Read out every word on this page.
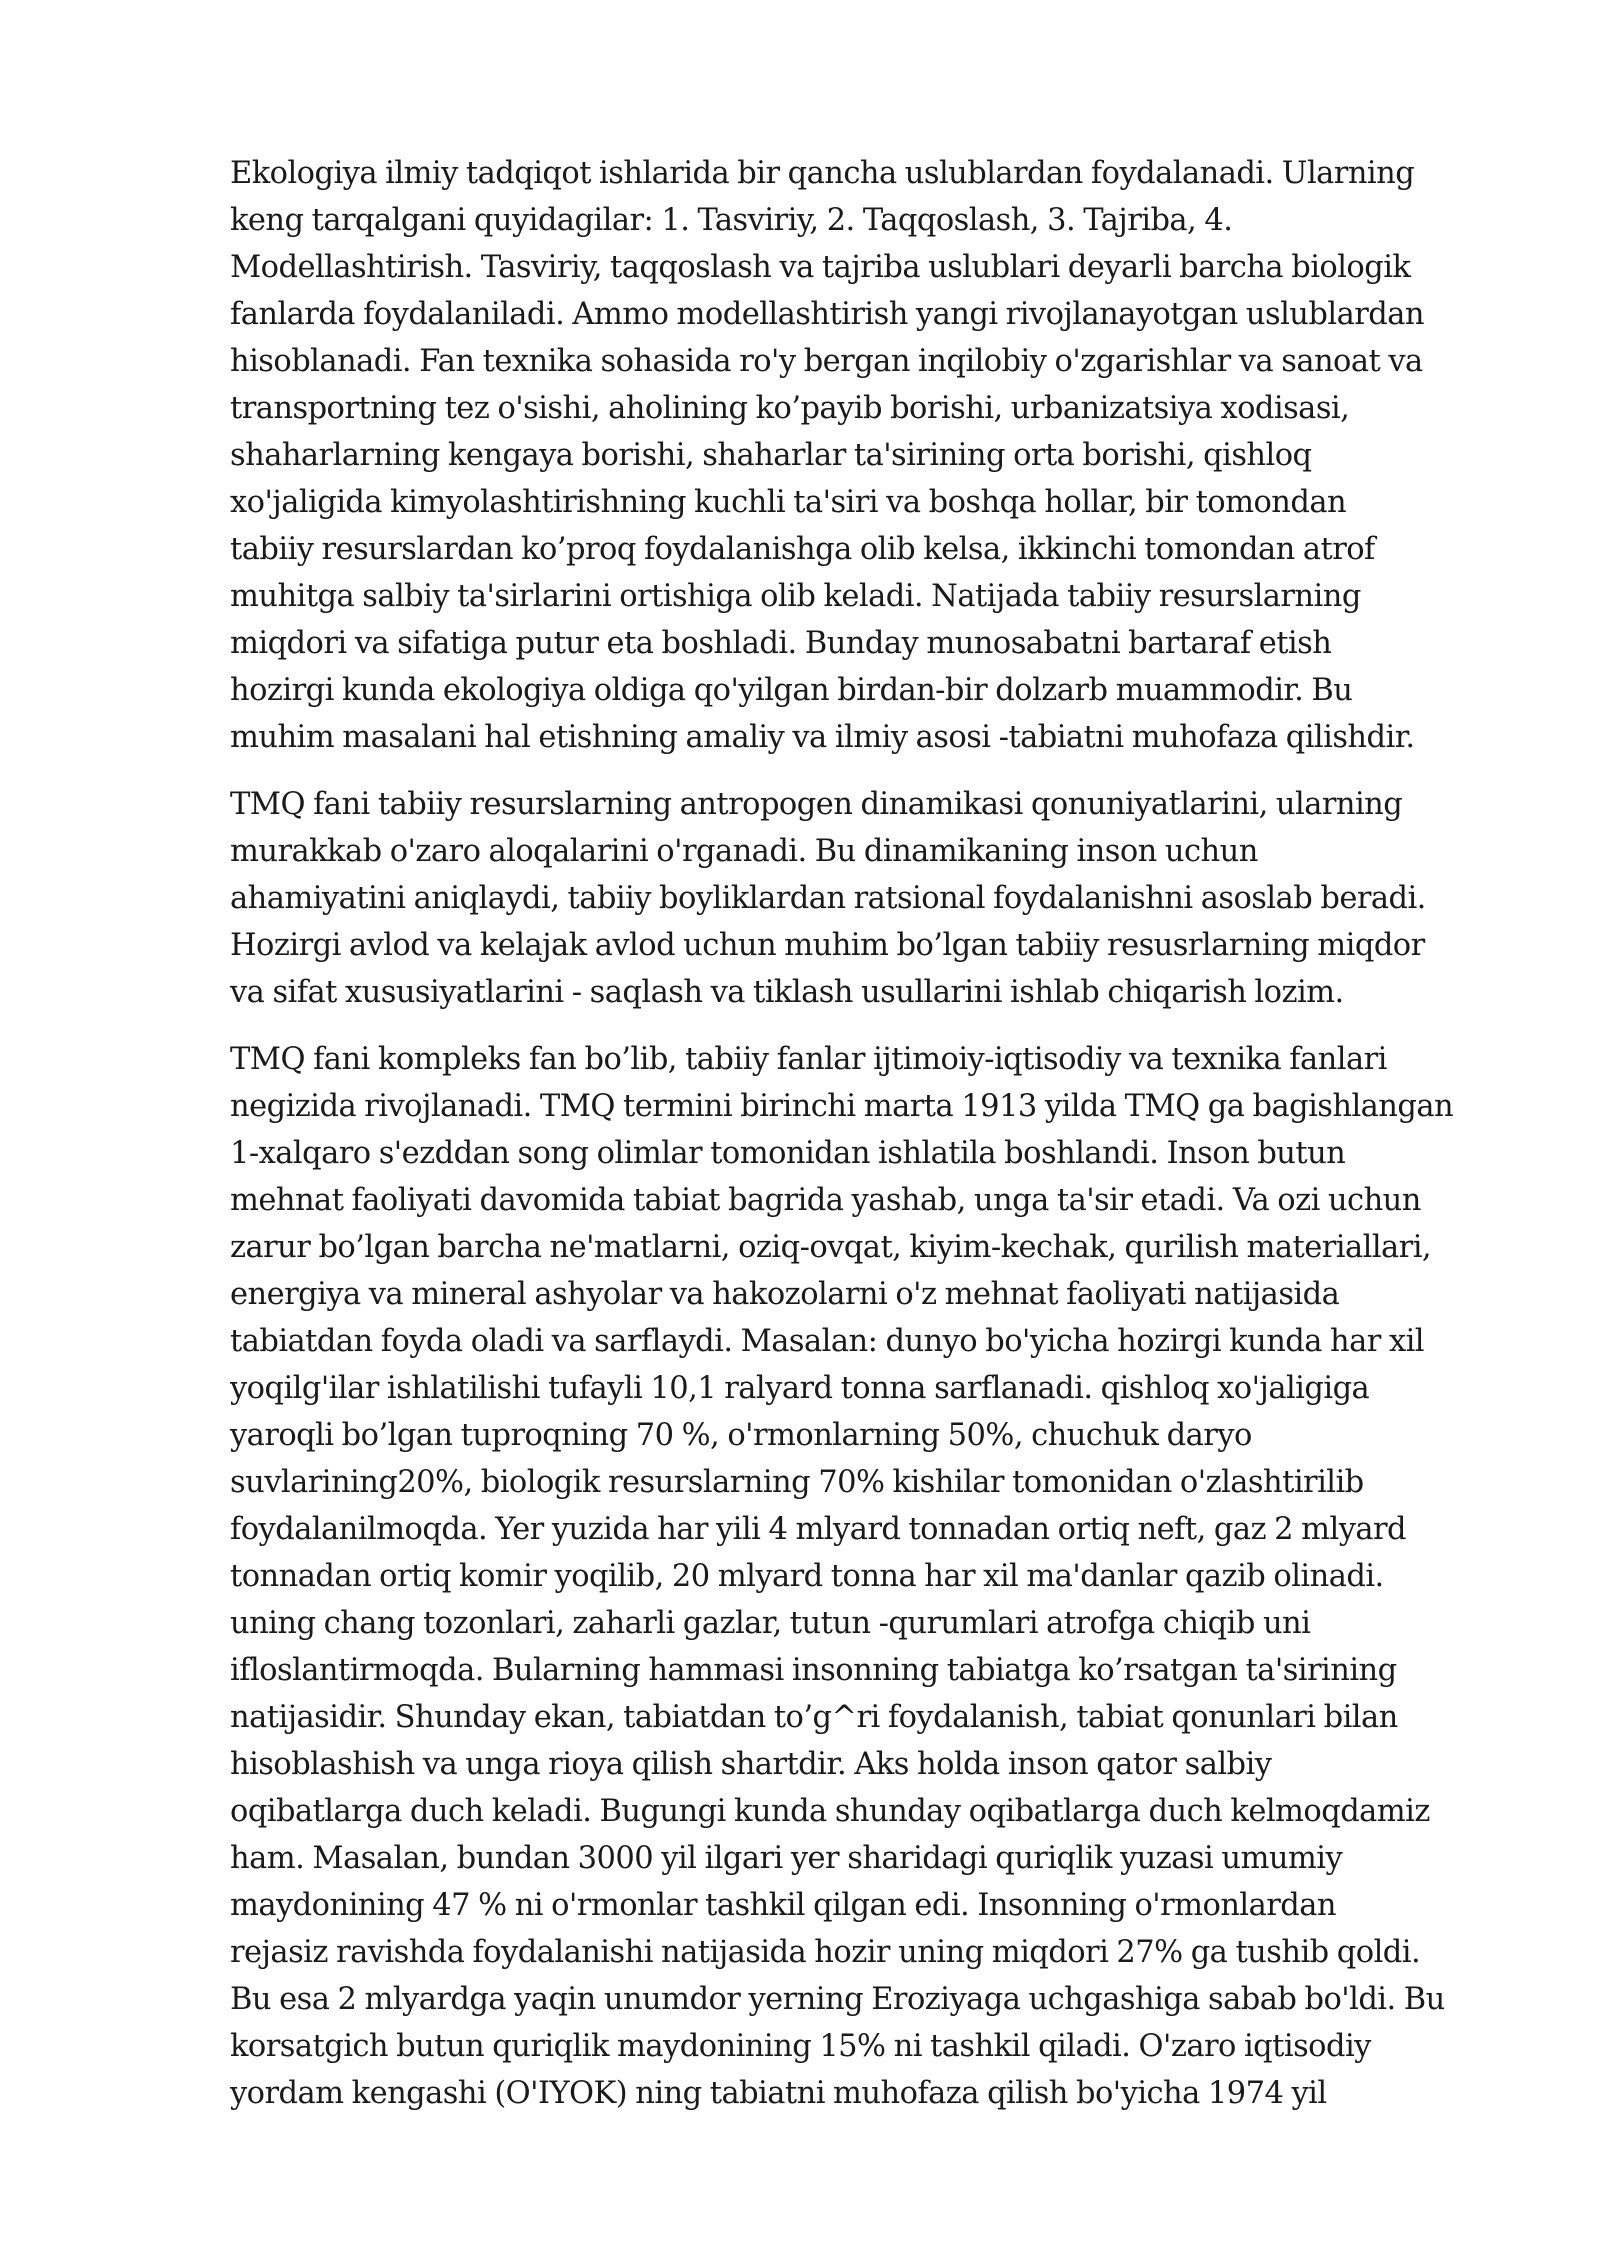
Ekologiya ilmiy tadqiqot ishlarida bir qancha uslublardan foydalanadi. Ularning
keng tarqalgani quyidagilar: 1. Tasviriy, 2. Taqqoslash, 3. Tajriba, 4.
Modellashtirish. Tasviriy, taqqoslash va tajriba uslublari deyarli barcha biologik
fanlarda foydalaniladi. Ammo modellashtirish yangi rivojlanayotgan uslublardan
hisoblanadi. Fan texnika sohasida ro'y bergan inqilobiy o'zgarishlar va sanoat va
transportning tez o'sishi, aholining ko’payib borishi, urbanizatsiya xodisasi,
shaharlarning kengaya borishi, shaharlar ta'sirining orta borishi, qishloq
xo'jaligida kimyolashtirishning kuchli ta'siri va boshqa hollar, bir tomondan
tabiiy resurslardan ko’proq foydalanishga olib kelsa, ikkinchi tomondan atrof
muhitga salbiy ta'sirlarini ortishiga olib keladi. Natijada tabiiy resurslarning
miqdori va sifatiga putur eta boshladi. Bunday munosabatni bartaraf etish
hozirgi kunda ekologiya oldiga qo'yilgan birdan-bir dolzarb muammodir. Bu
muhim masalani hal etishning amaliy va ilmiy asosi -tabiatni muhofaza qilishdir.

TMQ fani tabiiy resurslarning antropogen dinamikasi qonuniyatlarini, ularning
murakkab o'zaro aloqalarini o'rganadi. Bu dinamikaning inson uchun
ahamiyatini aniqlaydi, tabiiy boyliklardan ratsional foydalanishni asoslab beradi.
Hozirgi avlod va kelajak avlod uchun muhim bo’lgan tabiiy resusrlarning miqdor
va sifat xususiyatlarini - saqlash va tiklash usullarini ishlab chiqarish lozim.

TMQ fani kompleks fan bo’lib, tabiiy fanlar ijtimoiy-iqtisodiy va texnika fanlari
negizida rivojlanadi. TMQ termini birinchi marta 1913 yilda TMQ ga bagishlangan
1-xalqaro s'ezddan song olimlar tomonidan ishlatila boshlandi. Inson butun
mehnat faoliyati davomida tabiat bagrida yashab, unga ta'sir etadi. Va ozi uchun
zarur bo’lgan barcha ne'matlarni, oziq-ovqat, kiyim-kechak, qurilish materiallari,
energiya va mineral ashyolar va hakozolarni o'z mehnat faoliyati natijasida
tabiatdan foyda oladi va sarflaydi. Masalan: dunyo bo'yicha hozirgi kunda har xil
yoqilg'ilar ishlatilishi tufayli 10,1 ralyard tonna sarflanadi. qishloq xo'jaligiga
yaroqli bo’lgan tuproqning 70 %, o'rmonlarning 50%, chuchuk daryo
suvlarining20%, biologik resurslarning 70% kishilar tomonidan o'zlashtirilib
foydalanilmoqda. Yer yuzida har yili 4 mlyard tonnadan ortiq neft, gaz 2 mlyard
tonnadan ortiq komir yoqilib, 20 mlyard tonna har xil ma'danlar qazib olinadi.
uning chang tozonlari, zaharli gazlar, tutun -qurumlari atrofga chiqib uni
ifloslantirmoqda. Bularning hammasi insonning tabiatga ko’rsatgan ta'sirining
natijasidir. Shunday ekan, tabiatdan to’g^ri foydalanish, tabiat qonunlari bilan
hisoblashish va unga rioya qilish shartdir. Aks holda inson qator salbiy
oqibatlarga duch keladi. Bugungi kunda shunday oqibatlarga duch kelmoqdamiz
ham. Masalan, bundan 3000 yil ilgari yer sharidagi quriqlik yuzasi umumiy
maydonining 47 % ni o'rmonlar tashkil qilgan edi. Insonning o'rmonlardan
rejasiz ravishda foydalanishi natijasida hozir uning miqdori 27% ga tushib qoldi.
Bu esa 2 mlyardga yaqin unumdor yerning Eroziyaga uchgashiga sabab bo'ldi. Bu
korsatgich butun quriqlik maydonining 15% ni tashkil qiladi. O'zaro iqtisodiy
yordam kengashi (O'IYOK) ning tabiatni muhofaza qilish bo'yicha 1974 yil
